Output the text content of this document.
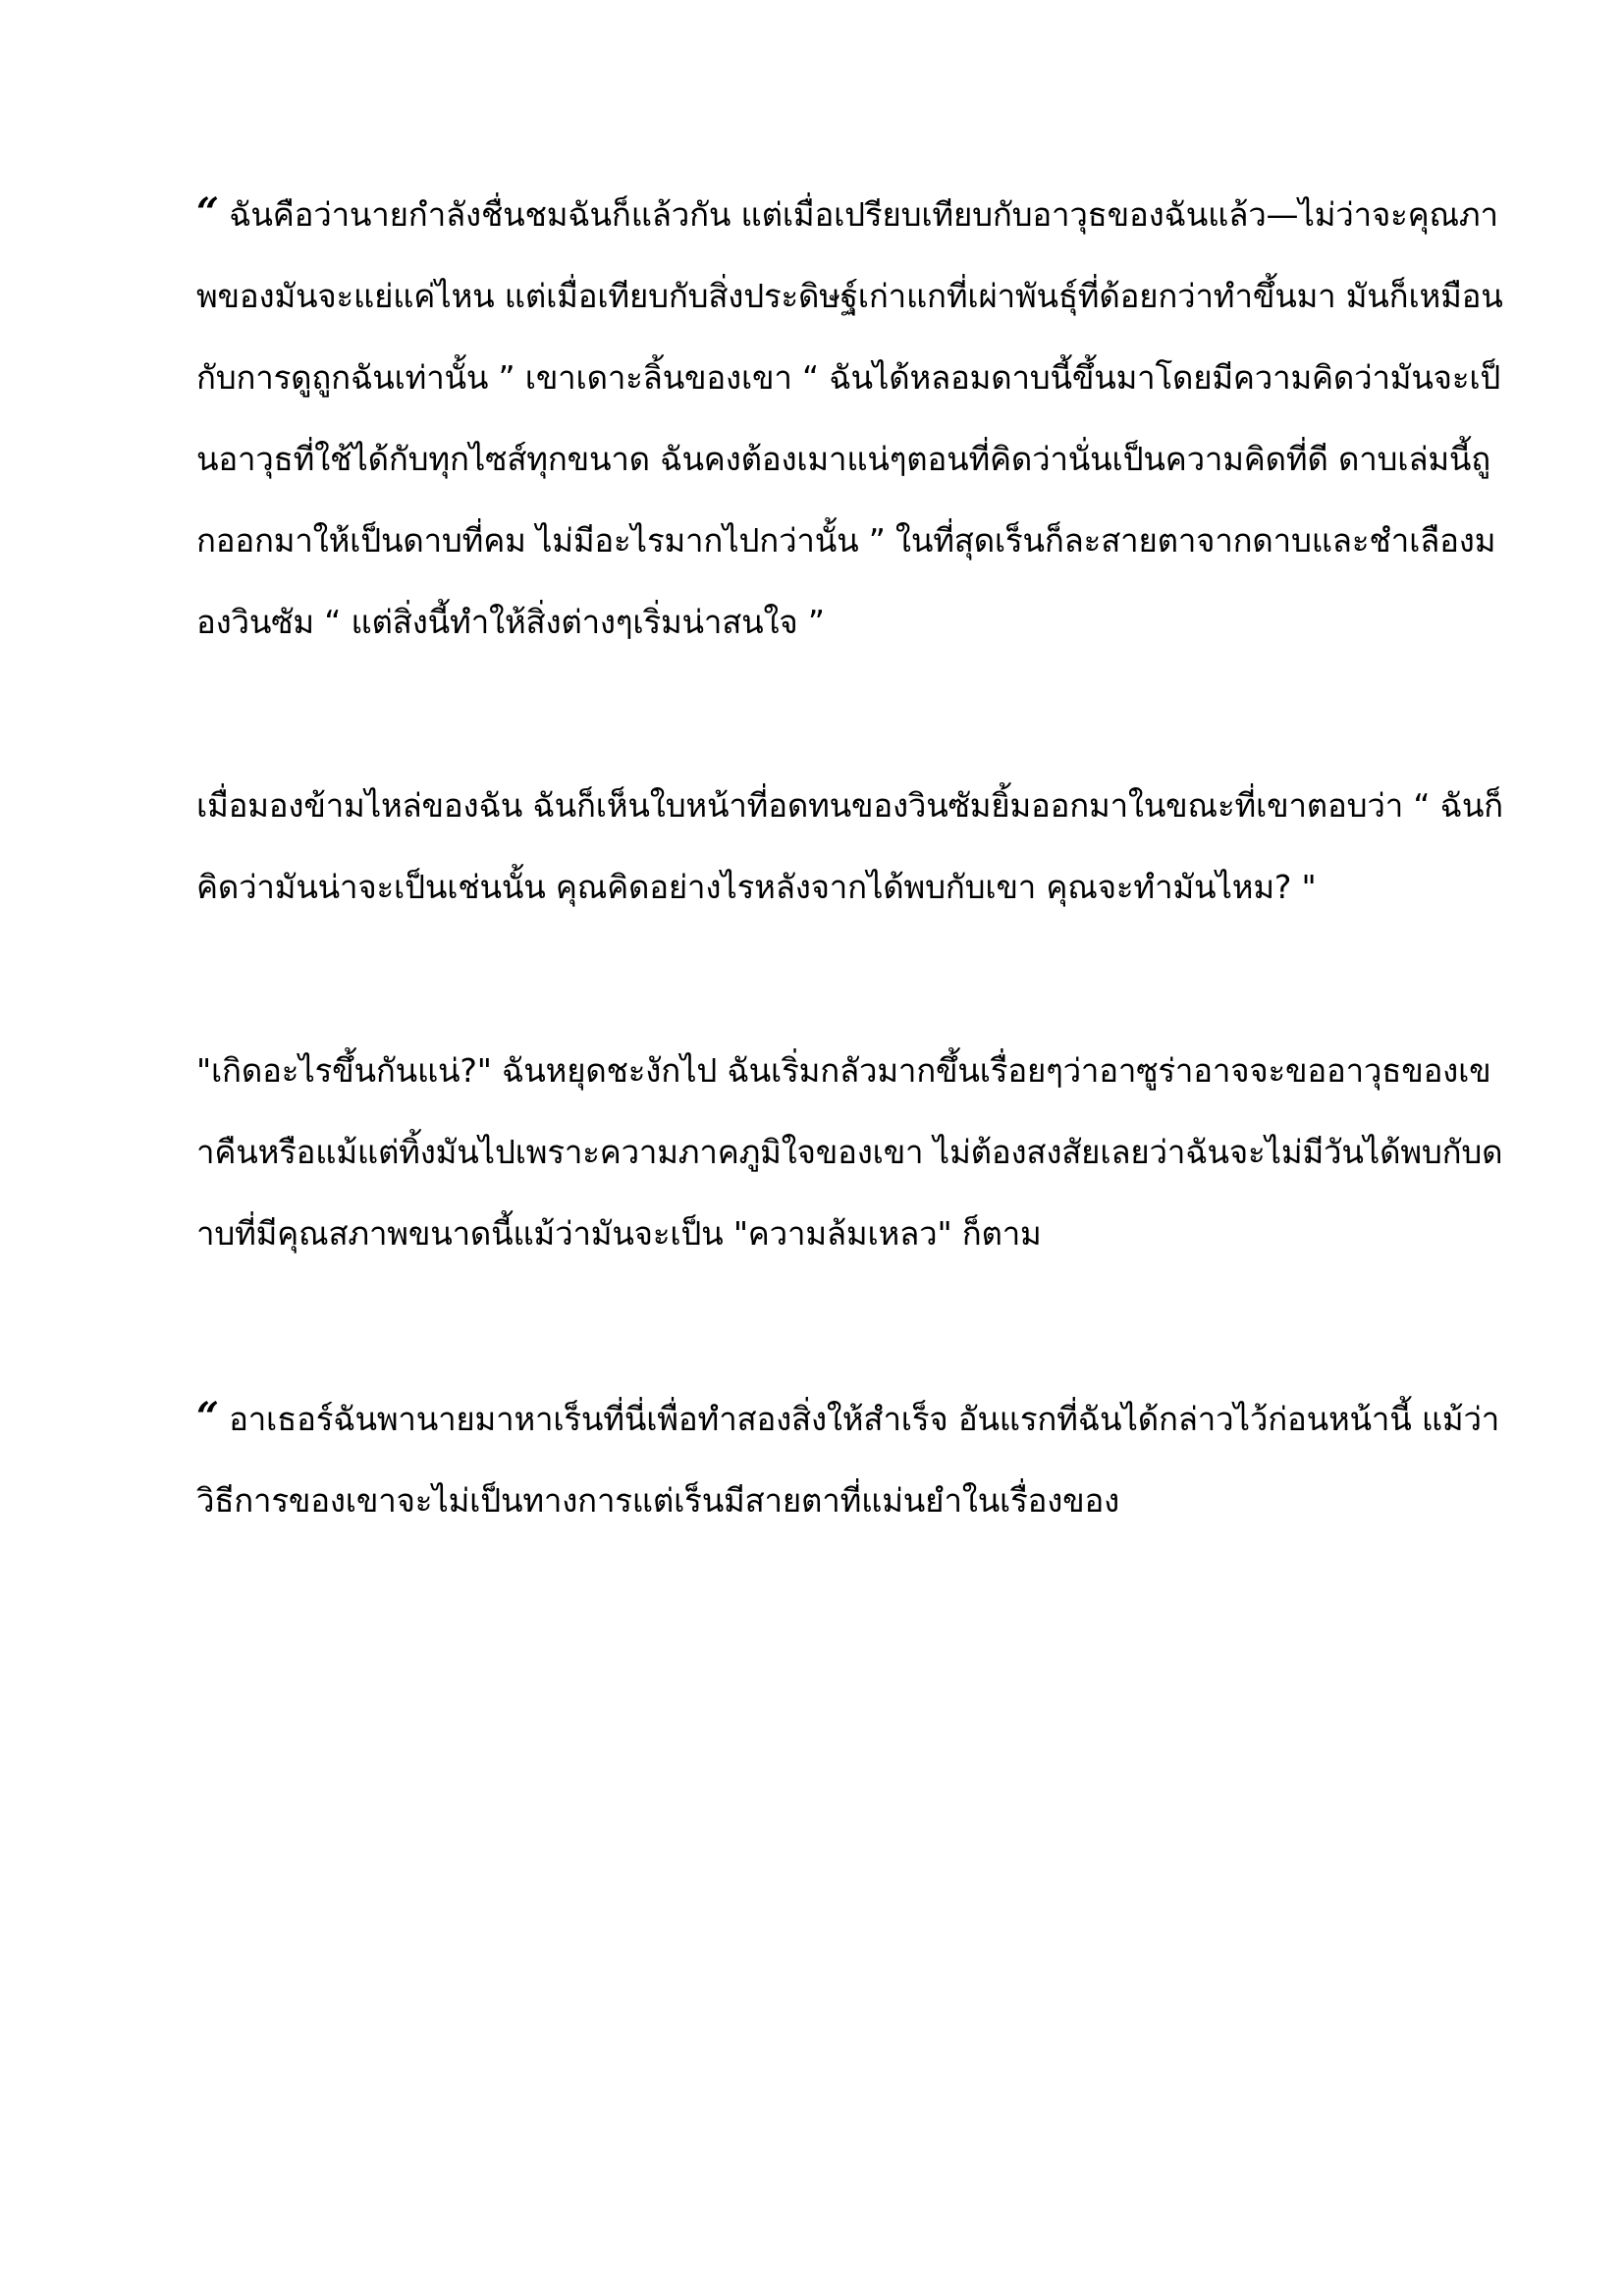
“ ฉันคือว่านายกำลังชื่นชมฉันก็แล้วกัน แต่เมื่อเปรียบเทียบกับอาวุธของฉันแล้ว—ไม่ว่าจะคุณภาพของมันจะแย่แค่ไหน แต่เมื่อเทียบกับสิ่งประดิษฐ์เก่าแกที่เผ่าพันธุ์ที่ด้อยกว่าทำขึ้นมา มันก็เหมือนกับการดูถูกฉันเท่านั้น ” เขาเดาะลิ้นของเขา “ ฉันได้หลอมดาบนี้ขึ้นมาโดยมีความคิดว่ามันจะเป็นอาวุธที่ใช้ได้กับทุกไซส์ทุกขนาด ฉันคงต้องเมาแน่ๆตอนที่คิดว่านั่นเป็นความคิดที่ดี ดาบเล่มนี้ถูกออกมาให้เป็นดาบที่คม ไม่มีอะไรมากไปกว่านั้น ” ในที่สุดเร็นก็ละสายตาจากดาบและชำเลืองมองวินซัม “ แต่สิ่งนี้ทำให้สิ่งต่างๆเริ่มน่าสนใจ ”

เมื่อมองข้ามไหล่ของฉัน ฉันก็เห็นใบหน้าที่อดทนของวินซัมยิ้มออกมาในขณะที่เขาตอบว่า “ ฉันก็คิดว่ามันน่าจะเป็นเช่นนั้น คุณคิดอย่างไรหลังจากได้พบกับเขา คุณจะทำมันไหม? "

"เกิดอะไรขึ้นกันแน่?" ฉันหยุดชะงักไป ฉันเริ่มกลัวมากขึ้นเรื่อยๆว่าอาซูร่าอาจจะขออาวุธของเขาคืนหรือแม้แต่ทิ้งมันไปเพราะความภาคภูมิใจของเขา ไม่ต้องสงสัยเลยว่าฉันจะไม่มีวันได้พบกับดาบที่มีคุณสภาพขนาดนี้แม้ว่ามันจะเป็น "ความล้มเหลว" ก็ตาม

“ อาเธอร์ฉันพานายมาหาเร็นที่นี่เพื่อทำสองสิ่งให้สำเร็จ อันแรกที่ฉันได้กล่าวไว้ก่อนหน้านี้ แม้ว่าวิธีการของเขาจะไม่เป็นทางการแต่เร็นมีสายตาที่แม่นยำในเรื่องของ
